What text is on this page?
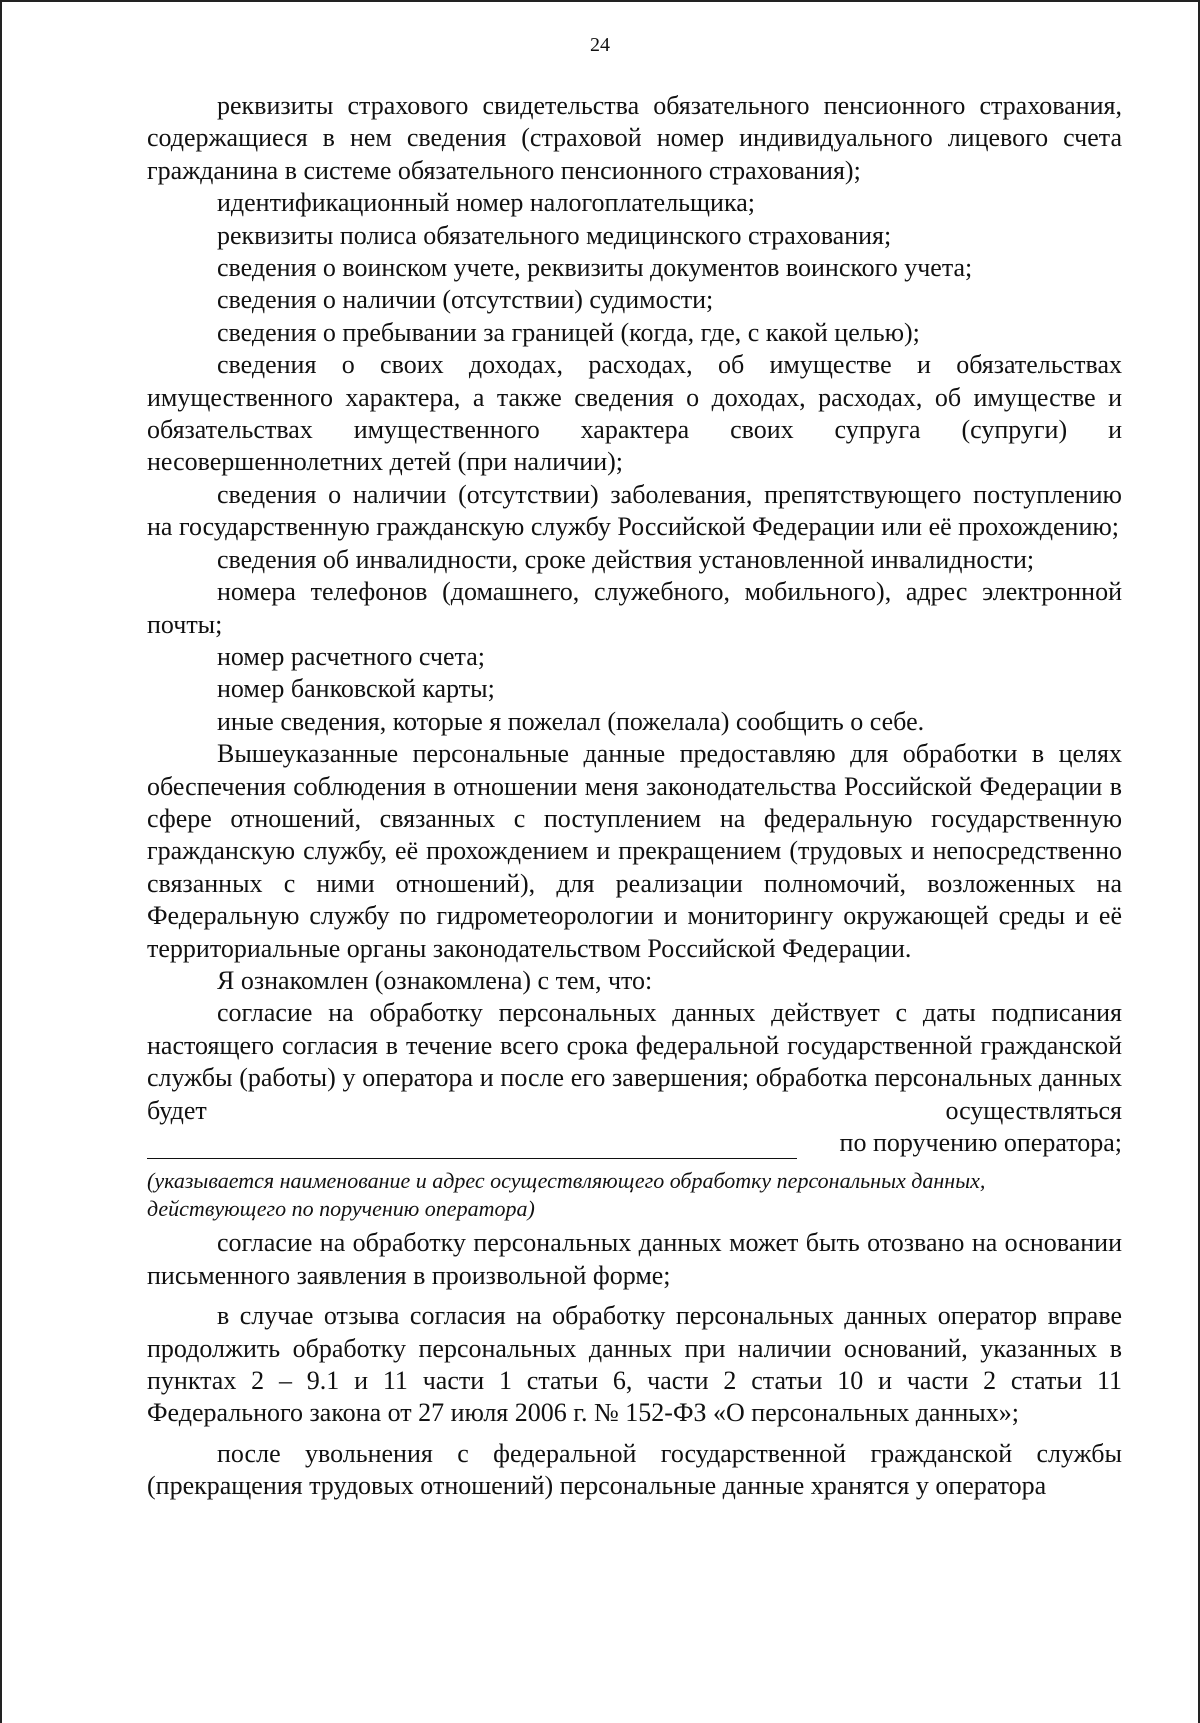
24

реквизиты страхового свидетельства обязательного пенсионного страхования, содержащиеся в нем сведения (страховой номер индивидуального лицевого счета гражданина в системе обязательного пенсионного страхования);

идентификационный номер налогоплательщика;

реквизиты полиса обязательного медицинского страхования;

сведения о воинском учете, реквизиты документов воинского учета;

сведения о наличии (отсутствии) судимости;

сведения о пребывании за границей (когда, где, с какой целью);

сведения о своих доходах, расходах, об имуществе и обязательствах имущественного характера, а также сведения о доходах, расходах, об имуществе и обязательствах имущественного характера своих супруга (супруги) и несовершеннолетних детей (при наличии);

сведения о наличии (отсутствии) заболевания, препятствующего поступлению на государственную гражданскую службу Российской Федерации или её прохождению;

сведения об инвалидности, сроке действия установленной инвалидности;

номера телефонов (домашнего, служебного, мобильного), адрес электронной почты;

номер расчетного счета;

номер банковской карты;

иные сведения, которые я пожелал (пожелала) сообщить о себе.

Вышеуказанные персональные данные предоставляю для обработки в целях обеспечения соблюдения в отношении меня законодательства Российской Федерации в сфере отношений, связанных с поступлением на федеральную государственную гражданскую службу, её прохождением и прекращением (трудовых и непосредственно связанных с ними отношений), для реализации полномочий, возложенных на Федеральную службу по гидрометеорологии и мониторингу окружающей среды и её территориальные органы законодательством Российской Федерации.

Я ознакомлен (ознакомлена) с тем, что:

согласие на обработку персональных данных действует с даты подписания настоящего согласия в течение всего срока федеральной государственной гражданской службы (работы) у оператора и после его завершения; обработка персональных данных будет осуществляться

по поручению оператора;
(указывается наименование и адрес осуществляющего обработку персональных данных, действующего по поручению оператора)

согласие на обработку персональных данных может быть отозвано на основании письменного заявления в произвольной форме;

в случае отзыва согласия на обработку персональных данных оператор вправе продолжить обработку персональных данных при наличии оснований, указанных в пунктах 2 – 9.1 и 11 части 1 статьи 6, части 2 статьи 10 и части 2 статьи 11 Федерального закона от 27 июля 2006 г. № 152-ФЗ «О персональных данных»;

после увольнения с федеральной государственной гражданской службы (прекращения трудовых отношений) персональные данные хранятся у оператора
